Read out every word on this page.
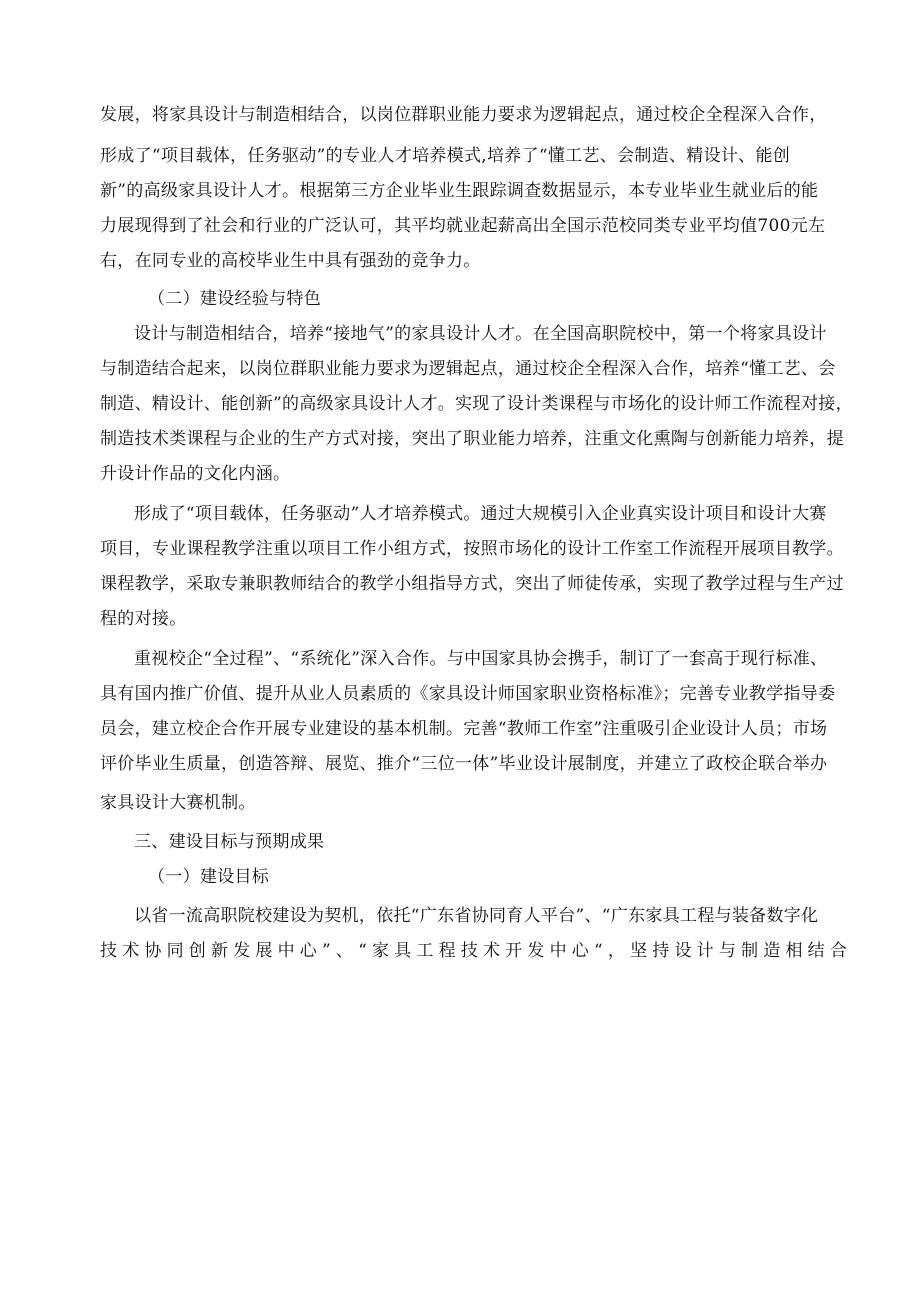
发展，将家具设计与制造相结合，以岗位群职业能力要求为逻辑起点，通过校企全程深入合作，
形成了“项目载体，任务驱动”的专业人才培养模式,培养了“懂工艺、会制造、精设计、能创
新”的高级家具设计人才。根据第三方企业毕业生跟踪调查数据显示，本专业毕业生就业后的能
力展现得到了社会和行业的广泛认可，其平均就业起薪高出全国示范校同类专业平均值700元左
右，在同专业的高校毕业生中具有强劲的竞争力。
（二）建设经验与特色
设计与制造相结合，培养“接地气”的家具设计人才。在全国高职院校中，第一个将家具设计
与制造结合起来，以岗位群职业能力要求为逻辑起点，通过校企全程深入合作，培养“懂工艺、会
制造、精设计、能创新”的高级家具设计人才。实现了设计类课程与市场化的设计师工作流程对接，
制造技术类课程与企业的生产方式对接，突出了职业能力培养，注重文化熏陶与创新能力培养，提
升设计作品的文化内涵。
形成了“项目载体，任务驱动”人才培养模式。通过大规模引入企业真实设计项目和设计大赛
项目，专业课程教学注重以项目工作小组方式，按照市场化的设计工作室工作流程开展项目教学。
课程教学，采取专兼职教师结合的教学小组指导方式，突出了师徒传承，实现了教学过程与生产过
程的对接。
重视校企“全过程”、“系统化”深入合作。与中国家具协会携手，制订了一套高于现行标准、
具有国内推广价值、提升从业人员素质的《家具设计师国家职业资格标准》；完善专业教学指导委
员会，建立校企合作开展专业建设的基本机制。完善“教师工作室”注重吸引企业设计人员；市场
评价毕业生质量，创造答辩、展览、推介“三位一体”毕业设计展制度，并建立了政校企联合举办
家具设计大赛机制。
三、建设目标与预期成果
（一）建设目标
以省一流高职院校建设为契机，依托“广东省协同育人平台”、“广东家具工程与装备数字化
技术协同创新发展中心”、“家具工程技术开发中心“，坚持设计与制造相结合
